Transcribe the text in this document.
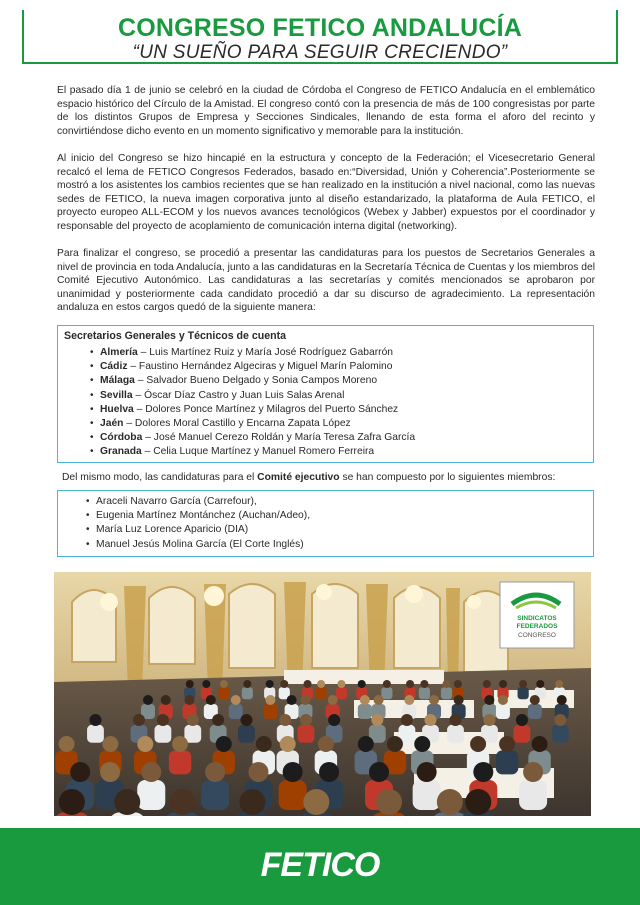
CONGRESO FETICO ANDALUCÍA
“UN SUEÑO PARA SEGUIR CRECIENDO”

El pasado día 1 de junio se celebró en la ciudad de Córdoba el Congreso de FETICO Andalucía en el emblemático espacio histórico del Círculo de la Amistad. El congreso contó con la presencia de más de 100 congresistas por parte de los distintos Grupos de Empresa y Secciones Sindicales, llenando de esta forma el aforo del recinto y convirtiéndose dicho evento en un momento significativo y memorable para la institución.

Al inicio del Congreso se hizo hincapié en la estructura y concepto de la Federación; el Vicesecretario General recalcó el lema de FETICO Congresos Federados, basado en:“Diversidad, Unión y Coherencia”.Posteriormente se mostró a los asistentes los cambios recientes que se han realizado en la institución a nivel nacional, como las nuevas sedes de FETICO, la nueva imagen corporativa junto al diseño estandarizado, la plataforma de Aula FETICO, el proyecto europeo ALL-ECOM y los nuevos avances tecnológicos (Webex y Jabber) expuestos por el coordinador y responsable del proyecto de acoplamiento de comunicación interna digital (networking).

Para finalizar el congreso, se procedió a presentar las candidaturas para los puestos de Secretarios Generales a nivel de provincia en toda Andalucía, junto a las candidaturas en la Secretaría Técnica de Cuentas y los miembros del Comité Ejecutivo Autonómico. Las candidaturas a las secretarías y comités mencionados se aprobaron por unanimidad y posteriormente cada candidato procedió a dar su discurso de agradecimiento. La representación andaluza en estos cargos quedó de la siguiente manera:

Secretarios Generales y Técnicos de cuenta
• Almería – Luis Martínez Ruiz y María José Rodríguez Gabarrón
• Cádiz – Faustino Hernández Algeciras y Miguel Marín Palomino
• Málaga – Salvador Bueno Delgado y Sonia Campos Moreno
• Sevilla – Óscar Díaz Castro y Juan Luis Salas Arenal
• Huelva – Dolores Ponce Martínez y Milagros del Puerto Sánchez
• Jaén – Dolores Moral Castillo y Encarna Zapata López
• Córdoba – José Manuel Cerezo Roldán y María Teresa Zafra García
• Granada – Celia Luque Martínez y Manuel Romero Ferreira
Del mismo modo, las candidaturas para el Comité ejecutivo se han compuesto por lo siguientes miembros:
• Araceli Navarro García (Carrefour),
• Eugenia Martínez Montánchez (Auchan/Adeo),
• María Luz Lorence Aparicio (DIA)
• Manuel Jesús Molina García (El Corte Inglés)
SINDICATOS
FEDERADOS
CONGRESO
FETICO
